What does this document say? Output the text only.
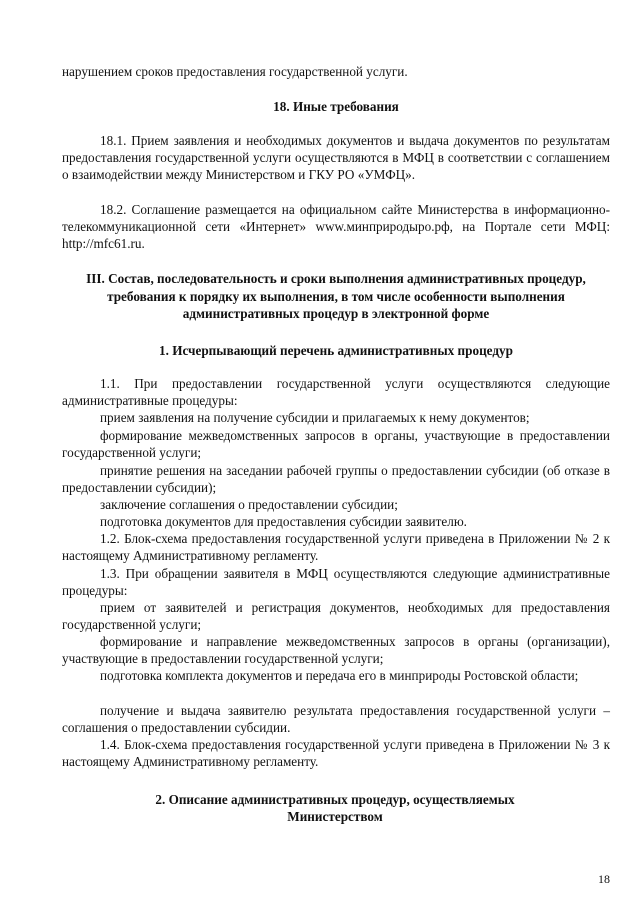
нарушением сроков предоставления государственной услуги.

18. Иные требования

18.1. Прием заявления и необходимых документов и выдача документов по результатам предоставления государственной услуги осуществляются в МФЦ в соответствии с соглашением о взаимодействии между Министерством и ГКУ РО «УМФЦ».

18.2. Соглашение размещается на официальном сайте Министерства в информационно-телекоммуникационной сети «Интернет» www.минприродыро.рф, на Портале сети МФЦ: http://mfc61.ru.

III. Состав, последовательность и сроки выполнения административных процедур, требования к порядку их выполнения, в том числе особенности выполнения административных процедур в электронной форме

1. Исчерпывающий перечень административных процедур

1.1. При предоставлении государственной услуги осуществляются следующие административные процедуры:

прием заявления на получение субсидии и прилагаемых к нему документов;

формирование межведомственных запросов в органы, участвующие в предоставлении государственной услуги;

принятие решения на заседании рабочей группы о предоставлении субсидии (об отказе в предоставлении субсидии);

заключение соглашения о предоставлении субсидии;

подготовка документов для предоставления субсидии заявителю.

1.2. Блок-схема предоставления государственной услуги приведена в Приложении № 2 к настоящему Административному регламенту.

1.3. При обращении заявителя в МФЦ осуществляются следующие административные процедуры:

прием от заявителей и регистрация документов, необходимых для предоставления государственной услуги;

формирование и направление межведомственных запросов в органы (организации), участвующие в предоставлении государственной услуги;

подготовка комплекта документов и передача его в минприроды Ростовской области;

получение и выдача заявителю результата предоставления государственной услуги – соглашения о предоставлении субсидии.

1.4. Блок-схема предоставления государственной услуги приведена в Приложении № 3 к настоящему Административному регламенту.

2. Описание административных процедур, осуществляемых Министерством

18
